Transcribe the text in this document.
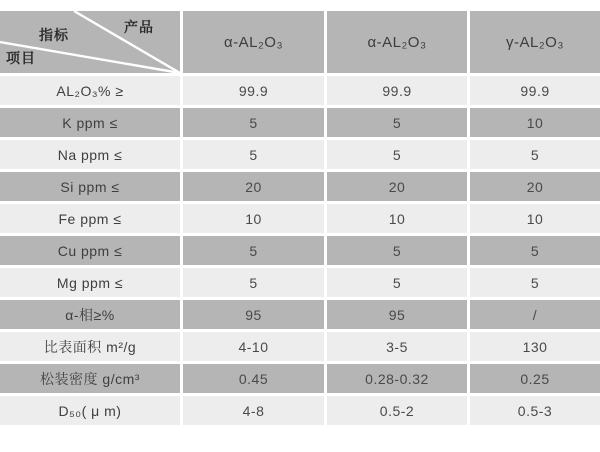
指标 产品
项目	α-AL₂O₃	α-AL₂O₃	γ-AL₂O₃
AL₂O₃% ≥	99.9	99.9	99.9
K ppm ≤	5	5	10
Na ppm ≤	5	5	5
Si ppm ≤	20	20	20
Fe ppm ≤	10	10	10
Cu ppm ≤	5	5	5
Mg ppm ≤	5	5	5
α-相≥%	95	95	/
比表面积 m²/g	4-10	3-5	130
松装密度 g/cm³	0.45	0.28-0.32	0.25
D₅₀( μ m)	4-8	0.5-2	0.5-3
